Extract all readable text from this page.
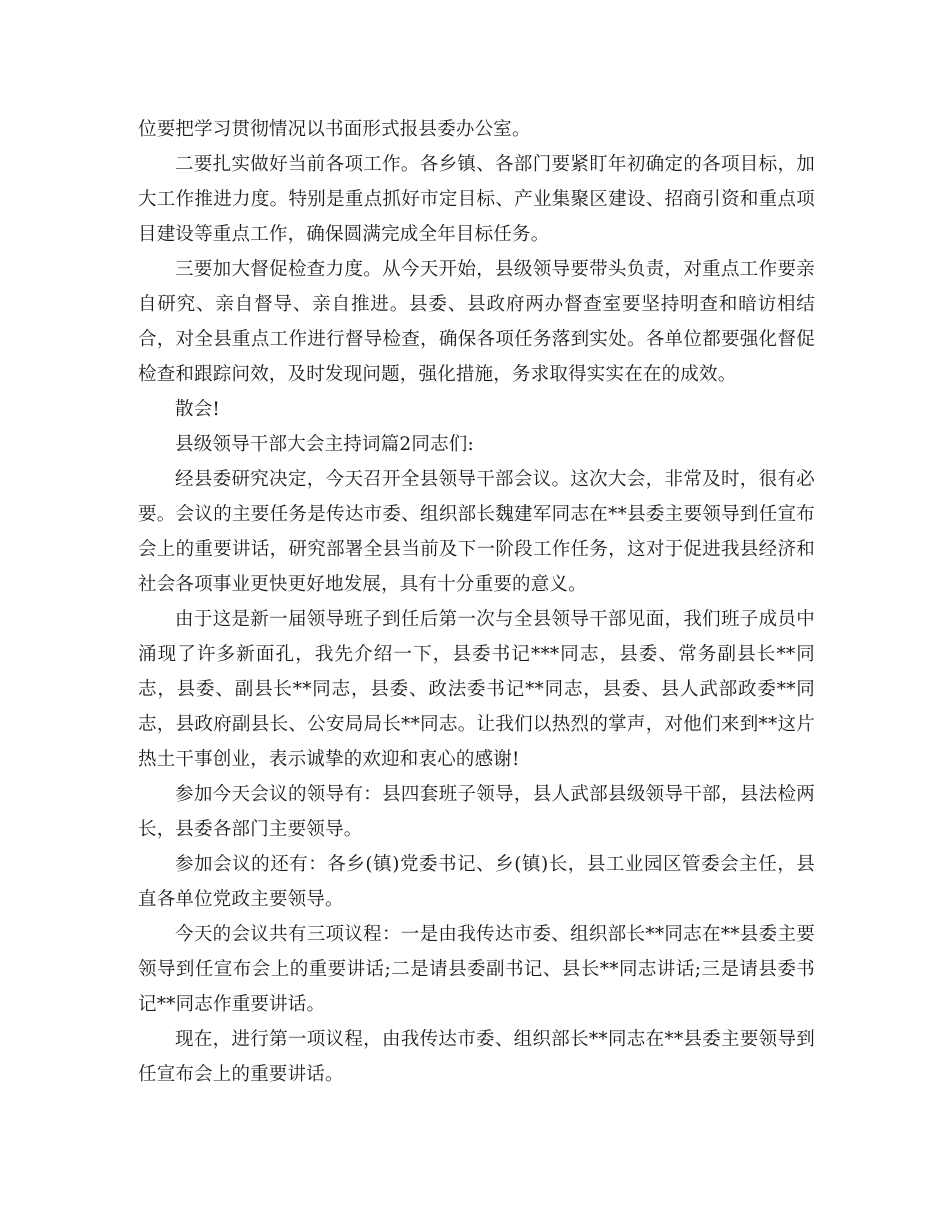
位要把学习贯彻情况以书面形式报县委办公室。

二要扎实做好当前各项工作。各乡镇、各部门要紧盯年初确定的各项目标，加大工作推进力度。特别是重点抓好市定目标、产业集聚区建设、招商引资和重点项目建设等重点工作，确保圆满完成全年目标任务。

三要加大督促检查力度。从今天开始，县级领导要带头负责，对重点工作要亲自研究、亲自督导、亲自推进。县委、县政府两办督查室要坚持明查和暗访相结合，对全县重点工作进行督导检查，确保各项任务落到实处。各单位都要强化督促检查和跟踪问效，及时发现问题，强化措施，务求取得实实在在的成效。

散会!

县级领导干部大会主持词篇2同志们:

经县委研究决定，今天召开全县领导干部会议。这次大会，非常及时，很有必要。会议的主要任务是传达市委、组织部长魏建军同志在**县委主要领导到任宣布会上的重要讲话，研究部署全县当前及下一阶段工作任务，这对于促进我县经济和社会各项事业更快更好地发展，具有十分重要的意义。

由于这是新一届领导班子到任后第一次与全县领导干部见面，我们班子成员中涌现了许多新面孔，我先介绍一下，县委书记***同志，县委、常务副县长**同志，县委、副县长**同志，县委、政法委书记**同志，县委、县人武部政委**同志，县政府副县长、公安局局长**同志。让我们以热烈的掌声，对他们来到**这片热土干事创业，表示诚挚的欢迎和衷心的感谢!

参加今天会议的领导有：县四套班子领导，县人武部县级领导干部，县法检两长，县委各部门主要领导。

参加会议的还有：各乡(镇)党委书记、乡(镇)长，县工业园区管委会主任，县直各单位党政主要领导。

今天的会议共有三项议程：一是由我传达市委、组织部长**同志在**县委主要领导到任宣布会上的重要讲话;二是请县委副书记、县长**同志讲话;三是请县委书记**同志作重要讲话。

现在，进行第一项议程，由我传达市委、组织部长**同志在**县委主要领导到任宣布会上的重要讲话。
